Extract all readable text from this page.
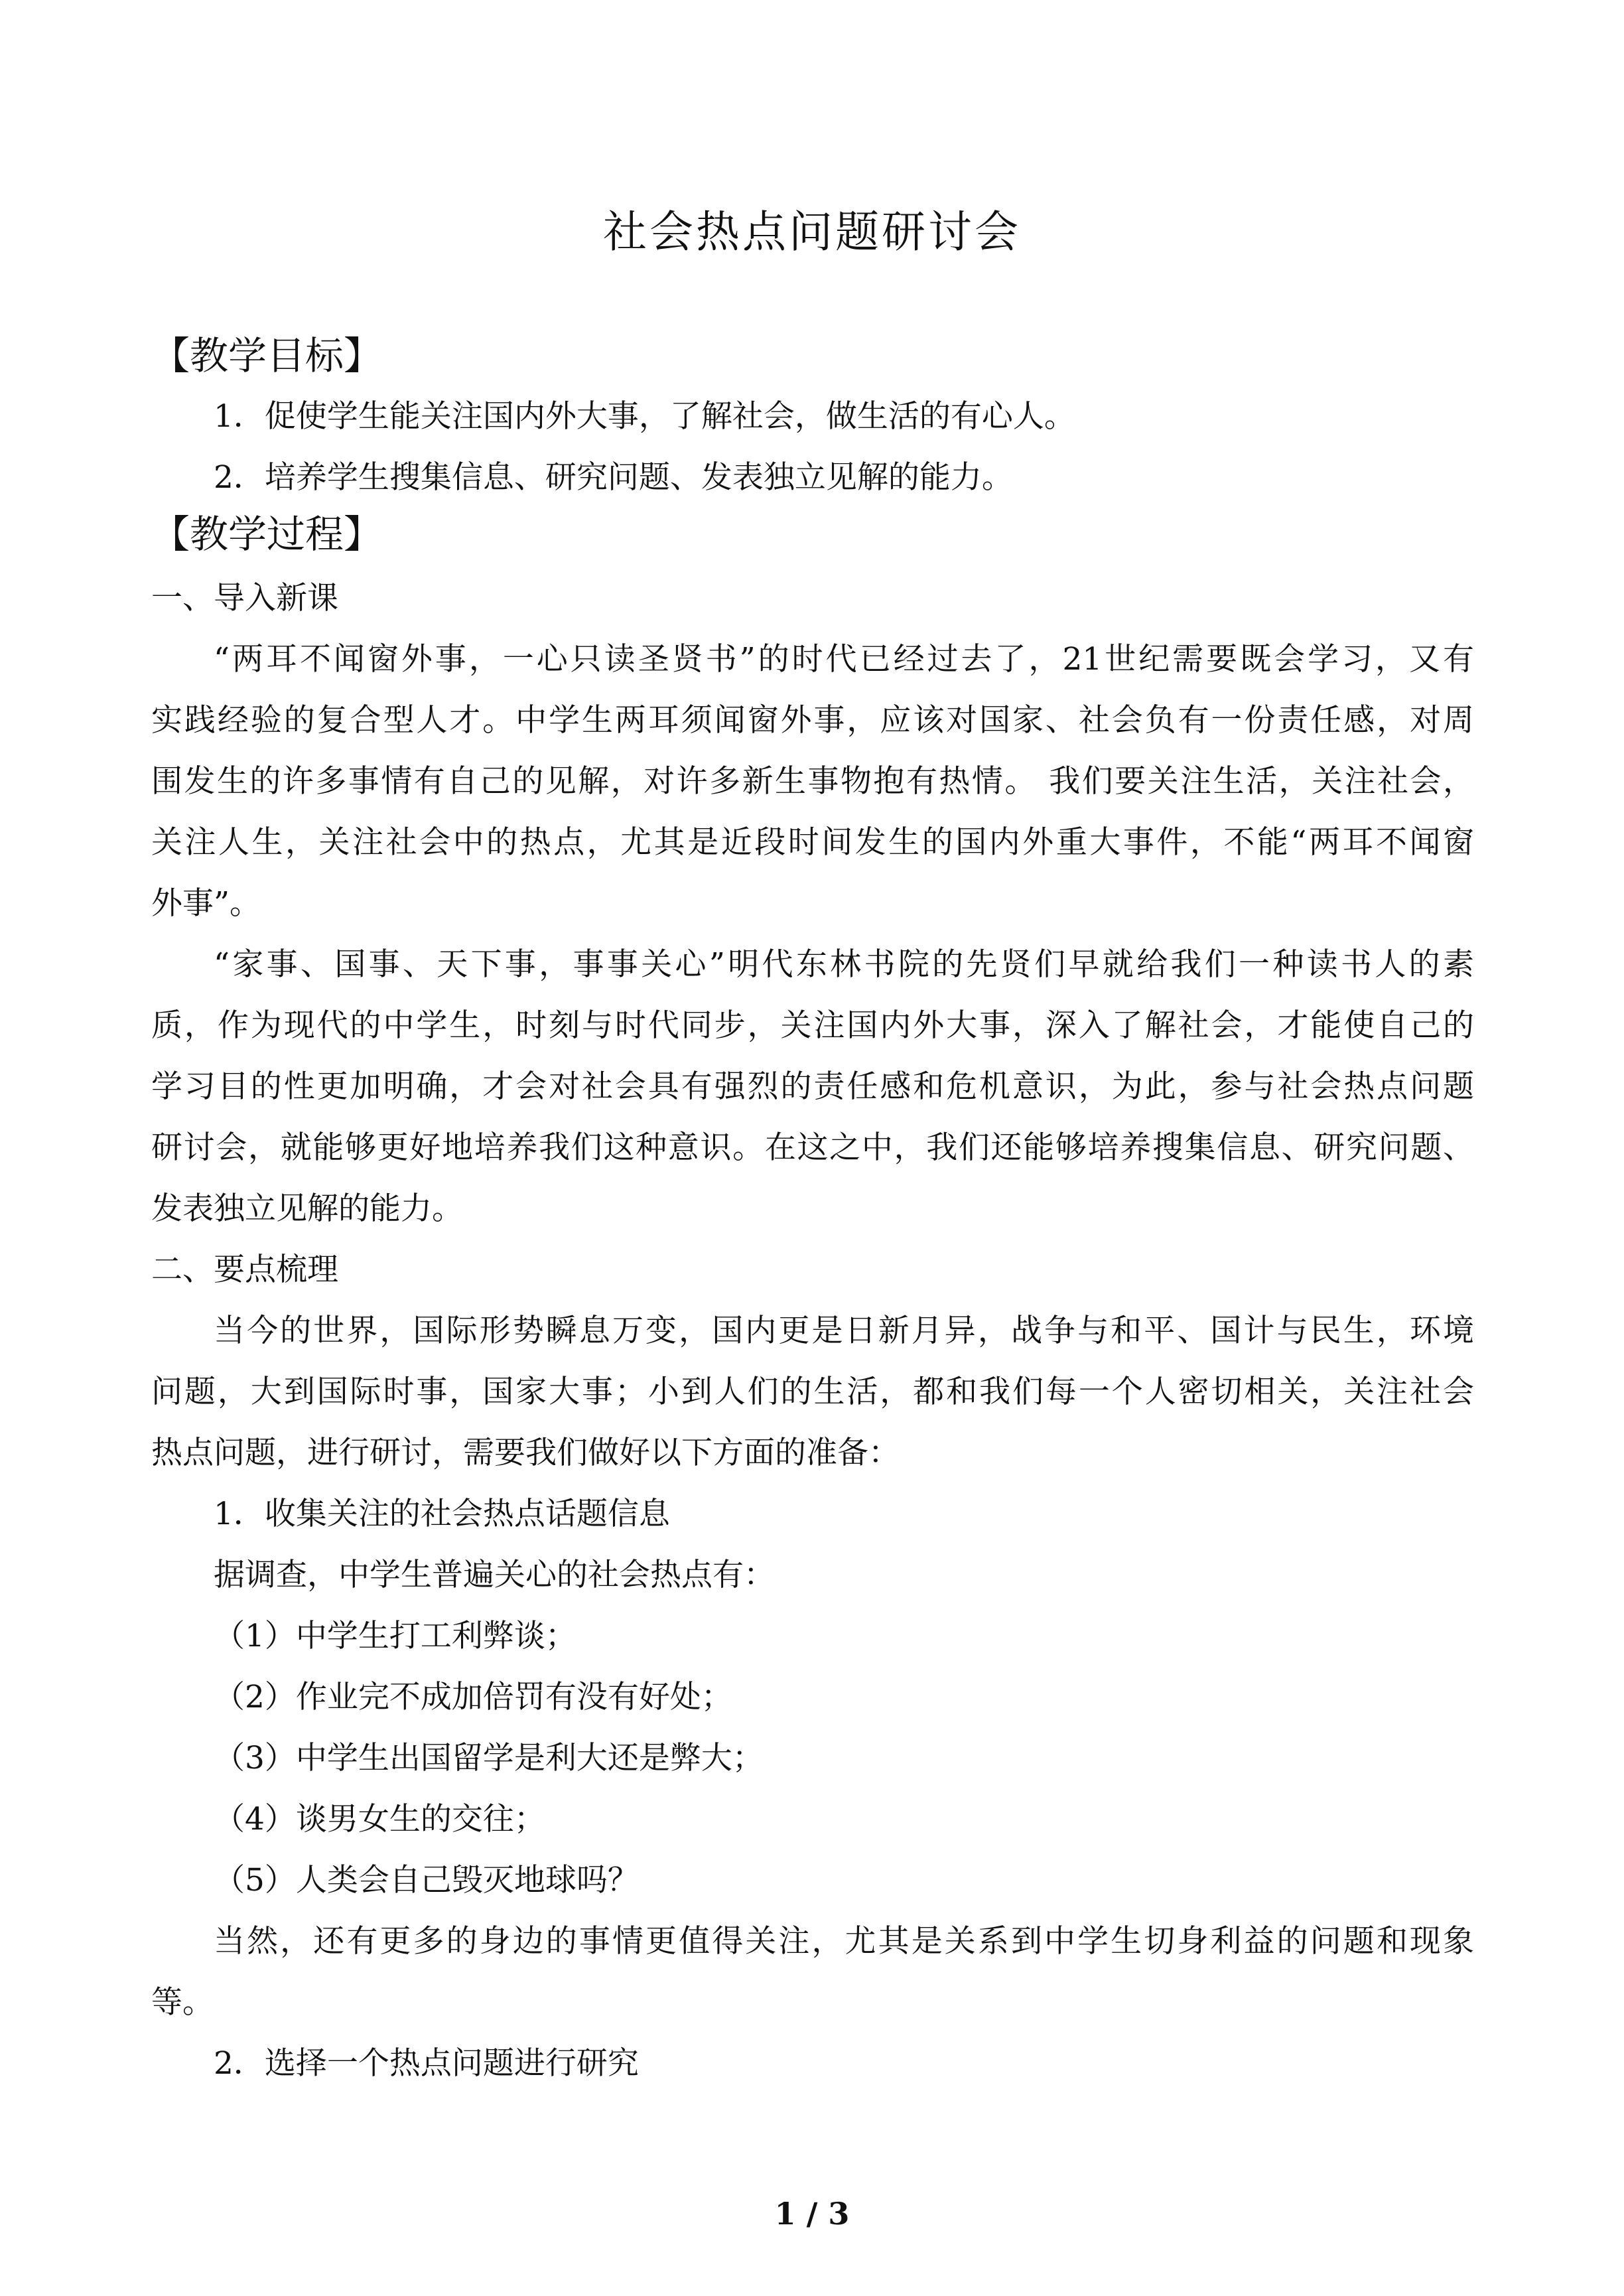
社会热点问题研讨会
【教学目标】
1．促使学生能关注国内外大事，了解社会，做生活的有心人。
2．培养学生搜集信息、研究问题、发表独立见解的能力。
【教学过程】
一、导入新课
“两耳不闻窗外事，一心只读圣贤书”的时代已经过去了，21世纪需要既会学习，又有
实践经验的复合型人才。中学生两耳须闻窗外事，应该对国家、社会负有一份责任感，对周
围发生的许多事情有自己的见解，对许多新生事物抱有热情。 我们要关注生活，关注社会，
关注人生，关注社会中的热点，尤其是近段时间发生的国内外重大事件，不能“两耳不闻窗
外事”。
“家事、国事、天下事，事事关心”明代东林书院的先贤们早就给我们一种读书人的素
质，作为现代的中学生，时刻与时代同步，关注国内外大事，深入了解社会，才能使自己的
学习目的性更加明确，才会对社会具有强烈的责任感和危机意识，为此，参与社会热点问题
研讨会，就能够更好地培养我们这种意识。在这之中，我们还能够培养搜集信息、研究问题、
发表独立见解的能力。
二、要点梳理
当今的世界，国际形势瞬息万变，国内更是日新月异，战争与和平、国计与民生，环境
问题，大到国际时事，国家大事；小到人们的生活，都和我们每一个人密切相关，关注社会
热点问题，进行研讨，需要我们做好以下方面的准备：
1．收集关注的社会热点话题信息
据调查，中学生普遍关心的社会热点有：
（1）中学生打工利弊谈；
（2）作业完不成加倍罚有没有好处；
（3）中学生出国留学是利大还是弊大；
（4）谈男女生的交往；
（5）人类会自己毁灭地球吗？
当然，还有更多的身边的事情更值得关注，尤其是关系到中学生切身利益的问题和现象
等。
2．选择一个热点问题进行研究
1 / 3
